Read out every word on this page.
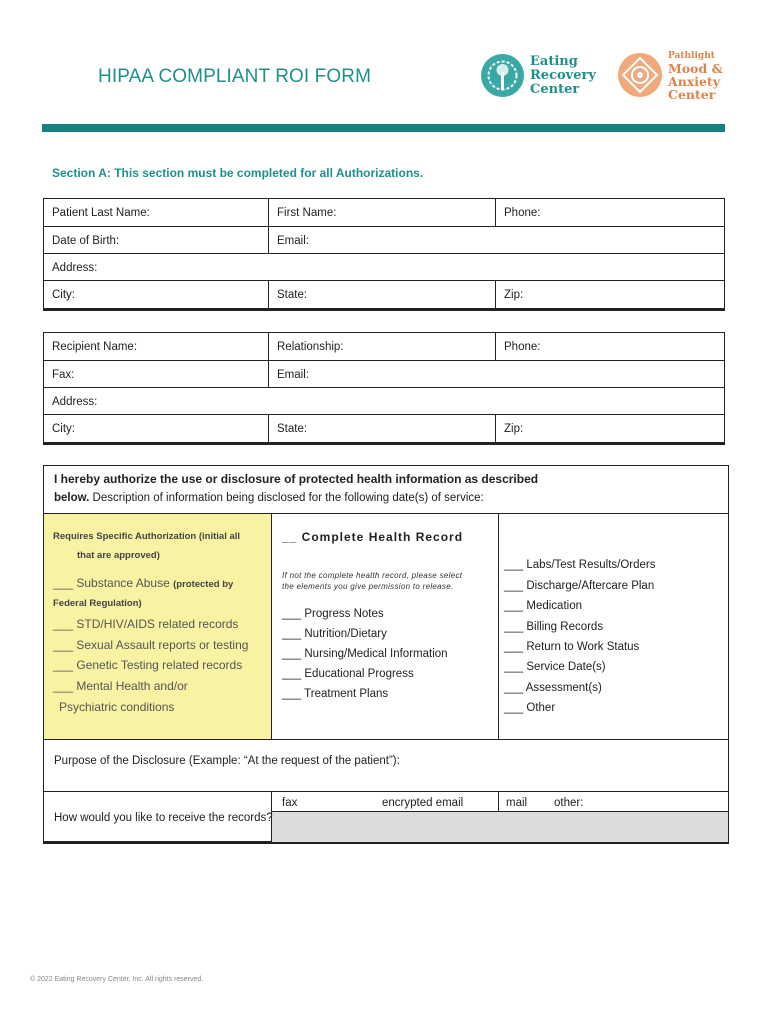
HIPAA COMPLIANT ROI FORM
Eating
Recovery
Center
Pathlight
Mood &
Anxiety
Center
Section A: This section must be completed for all Authorizations.
Patient Last Name:	First Name:	Phone:
Date of Birth:	Email:
Address:
City:	State:	Zip:
Recipient Name:	Relationship:	Phone:
Fax:	Email:
Address:
City:	State:	Zip:
I hereby authorize the use or disclosure of protected health information as described
below. Description of information being disclosed for the following date(s) of service:
Requires Specific Authorization (initial all
that are approved)
___ Substance Abuse (protected by
Federal Regulation)
___ STD/HIV/AIDS related records
___ Sexual Assault reports or testing
___ Genetic Testing related records
___ Mental Health and/or
Psychiatric conditions
__ Complete Health Record
If not the complete health record, please select
the elements you give permission to release.
___ Progress Notes
___ Nutrition/Dietary
___ Nursing/Medical Information
___ Educational Progress
___ Treatment Plans
___ Labs/Test Results/Orders
___ Discharge/Aftercare Plan
___ Medication
___ Billing Records
___ Return to Work Status
___ Service Date(s)
___ Assessment(s)
___ Other
Purpose of the Disclosure (Example: “At the request of the patient”):
How would you like to receive the records?
fax	encrypted email	mail other:
© 2022 Eating Recovery Center, Inc. All rights reserved.
